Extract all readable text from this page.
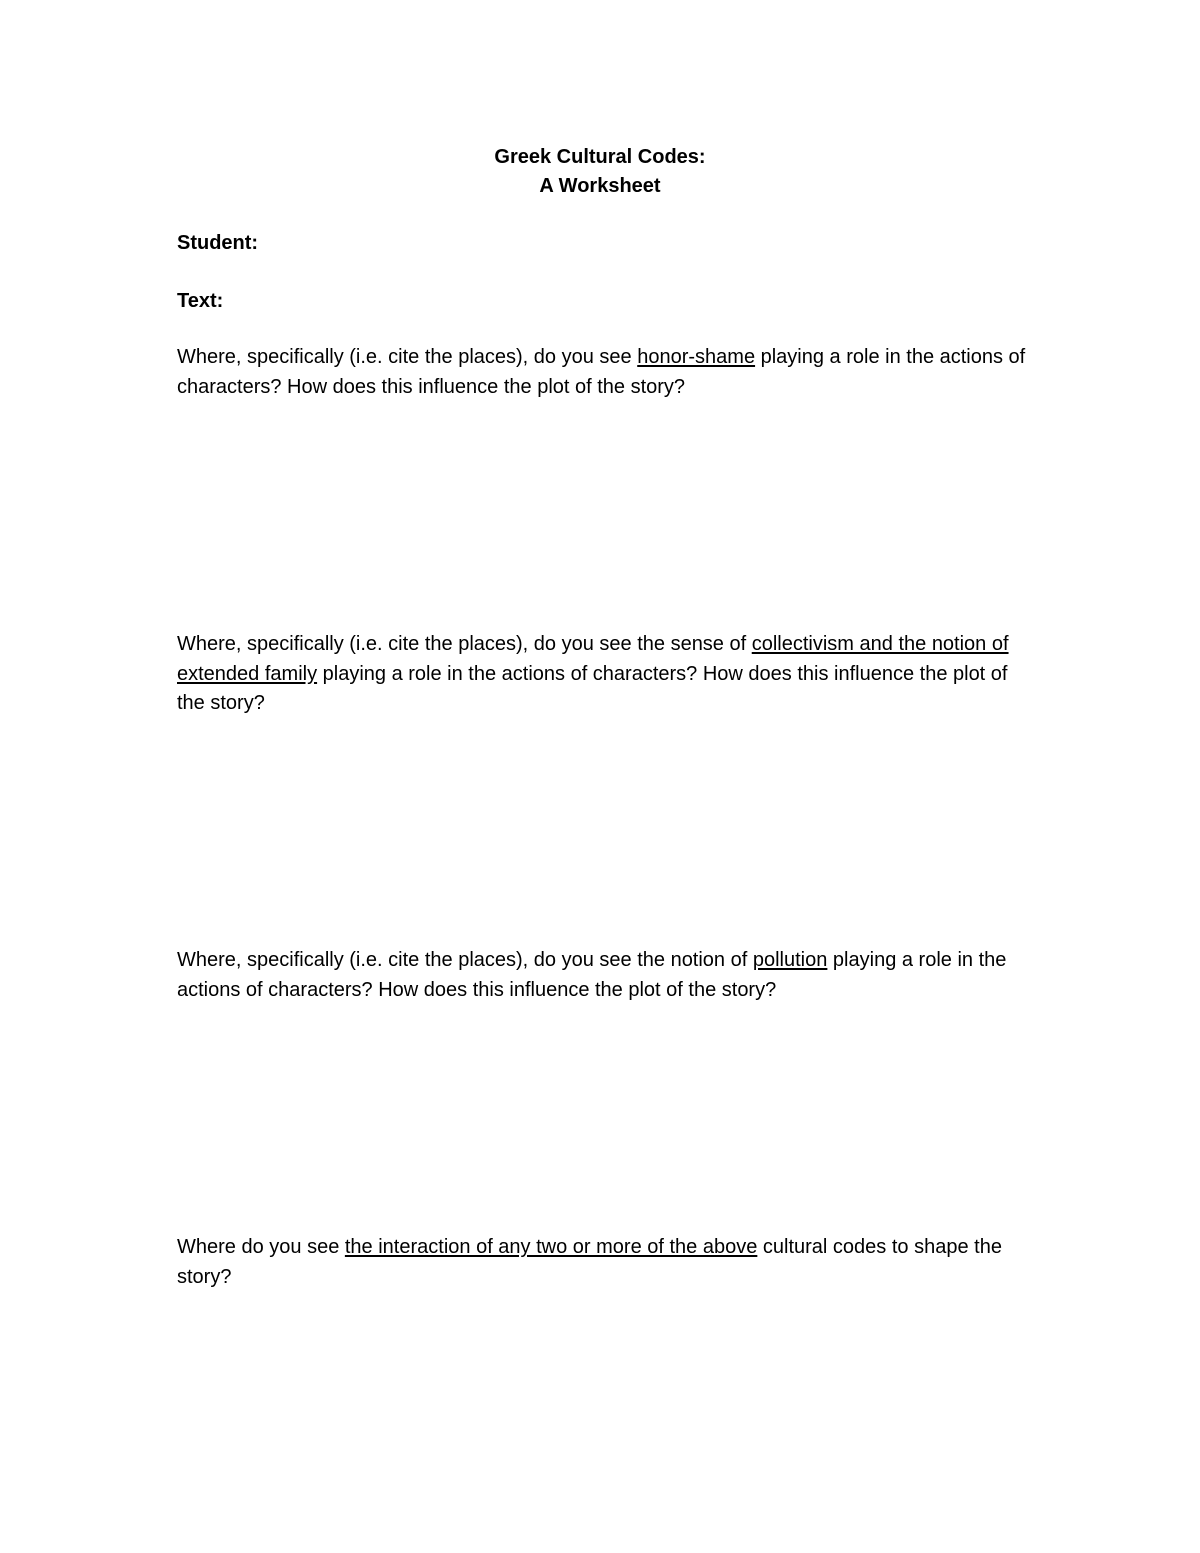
Greek Cultural Codes:

A Worksheet

Student:

Text:

Where, specifically (i.e. cite the places), do you see honor-shame playing a role in the actions of characters? How does this influence the plot of the story?

Where, specifically (i.e. cite the places), do you see the sense of collectivism and the notion of extended family playing a role in the actions of characters? How does this influence the plot of the story?

Where, specifically (i.e. cite the places), do you see the notion of pollution playing a role in the actions of characters? How does this influence the plot of the story?

Where do you see the interaction of any two or more of the above cultural codes to shape the story?
